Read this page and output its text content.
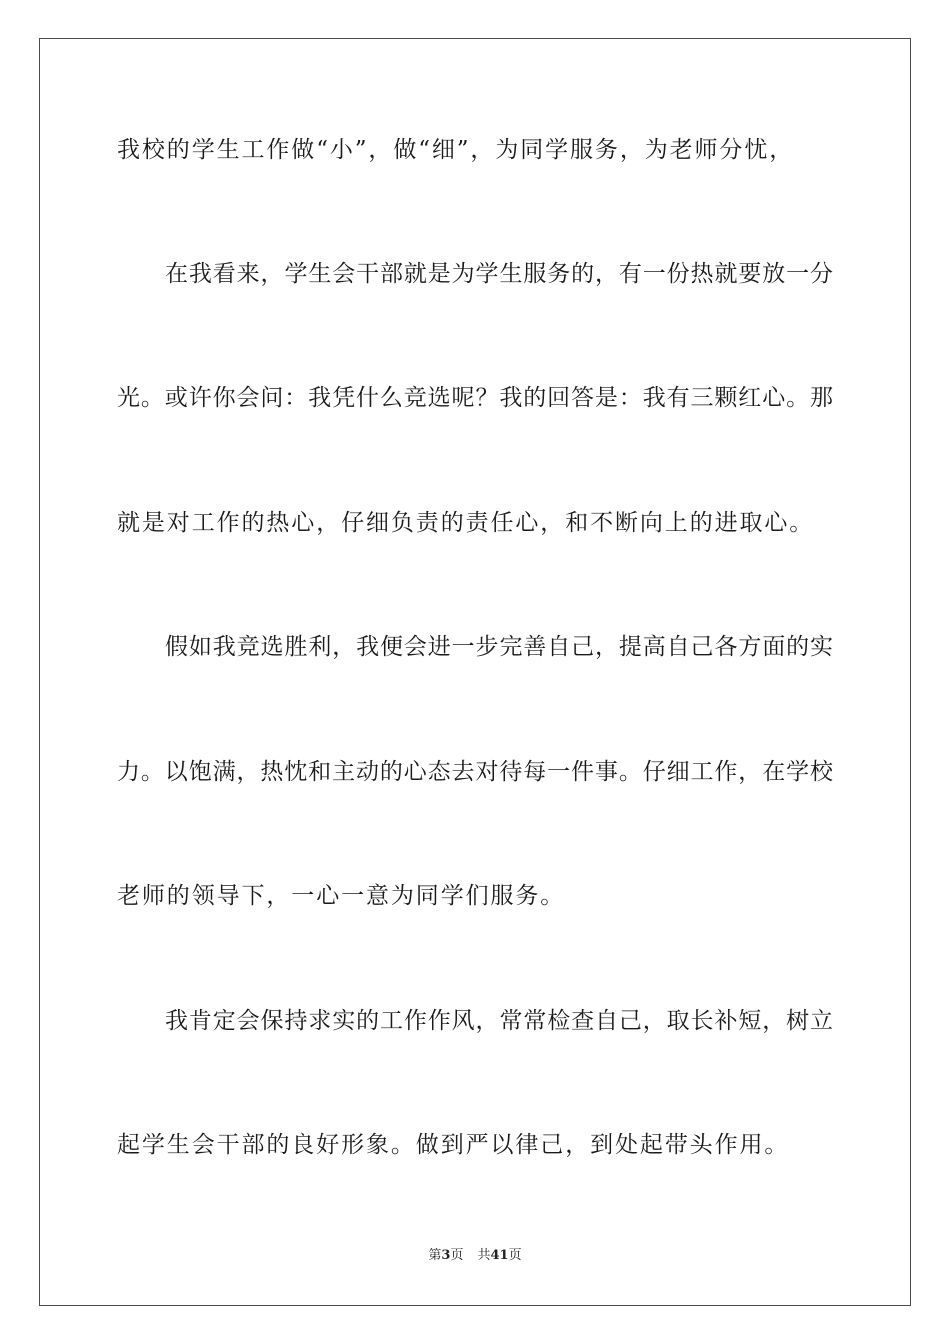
我校的学生工作做“小”，做“细”，为同学服务，为老师分忧，
在我看来，学生会干部就是为学生服务的，有一份热就要放一分
光。或许你会问：我凭什么竞选呢？我的回答是：我有三颗红心。那
就是对工作的热心，仔细负责的责任心，和不断向上的进取心。
假如我竞选胜利，我便会进一步完善自己，提高自己各方面的实
力。以饱满，热忱和主动的心态去对待每一件事。仔细工作，在学校
老师的领导下，一心一意为同学们服务。
我肯定会保持求实的工作作风，常常检查自己，取长补短，树立
起学生会干部的良好形象。做到严以律己，到处起带头作用。
第3页 共41页
